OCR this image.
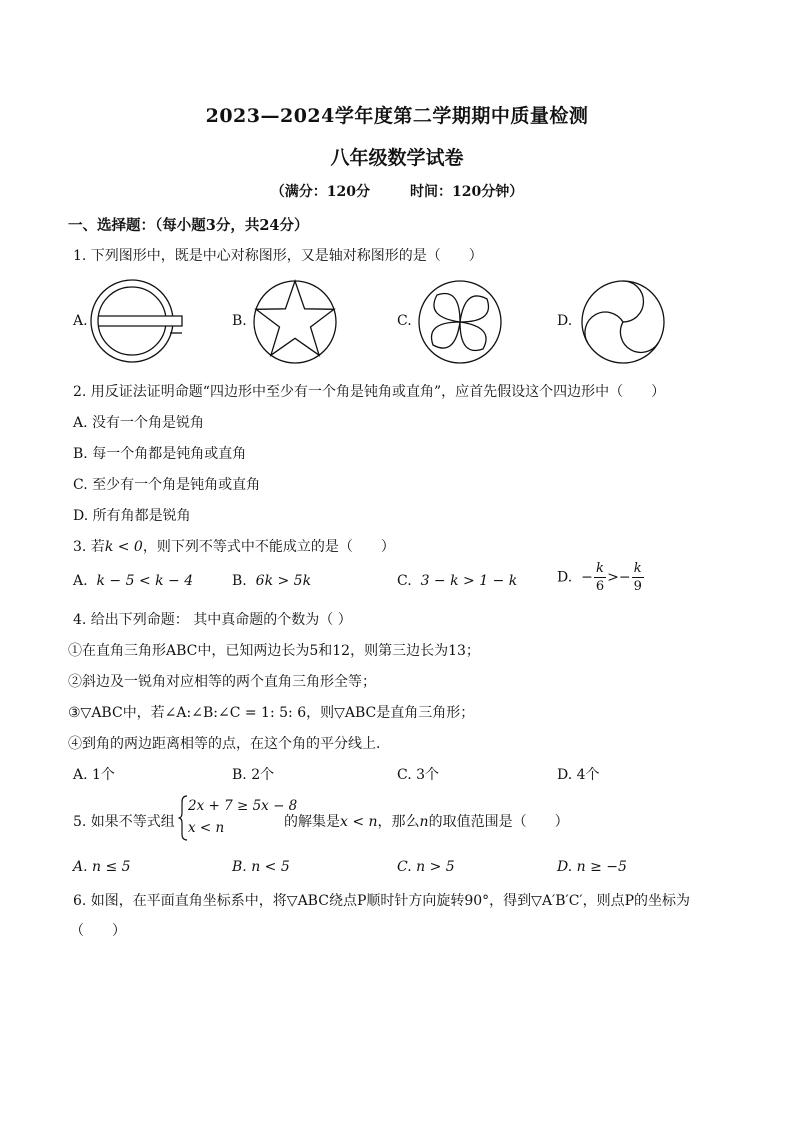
2023—2024学年度第二学期期中质量检测
八年级数学试卷
（满分：120分	时间：120分钟）
一、选择题：（每小题3分，共24分）
1. 下列图形中，既是中心对称图形，又是轴对称图形的是（　　）
A.	B.	C.	D.
2. 用反证法证明命题“四边形中至少有一个角是钝角或直角”，应首先假设这个四边形中（　　）
A. 没有一个角是锐角
B. 每一个角都是钝角或直角
C. 至少有一个角是钝角或直角
D. 所有角都是锐角
3. 若k < 0，则下列不等式中不能成立的是（　　）
A. k − 5 < k − 4	B. 6k > 5k	C. 3 − k > 1 − k	D. − $\frac{k}{6} >- \frac{k}{9}$
4. 给出下列命题： 其中真命题的个数为（ ）
①在直角三角形ABC中，已知两边长为5和12，则第三边长为13；
②斜边及一锐角对应相等的两个直角三角形全等；
③▽ABC中，若∠A:∠B:∠C = 1: 5: 6，则▽ABC是直角三角形；
④到角的两边距离相等的点，在这个角的平分线上．
A. 1个	B. 2个	C. 3个	D. 4个
5. 如果不等式组
2x + 7 ≥ 5x − 8
x < n	的解集是x < n，那么n的取值范围是（　　）
A. n ≤ 5	B. n < 5	C. n > 5	D. n ≥ −5
6. 如图，在平面直角坐标系中，将▽ABC绕点P顺时针方向旋转90°，得到▽A′B′C′，则点P的坐标为
（　　）
